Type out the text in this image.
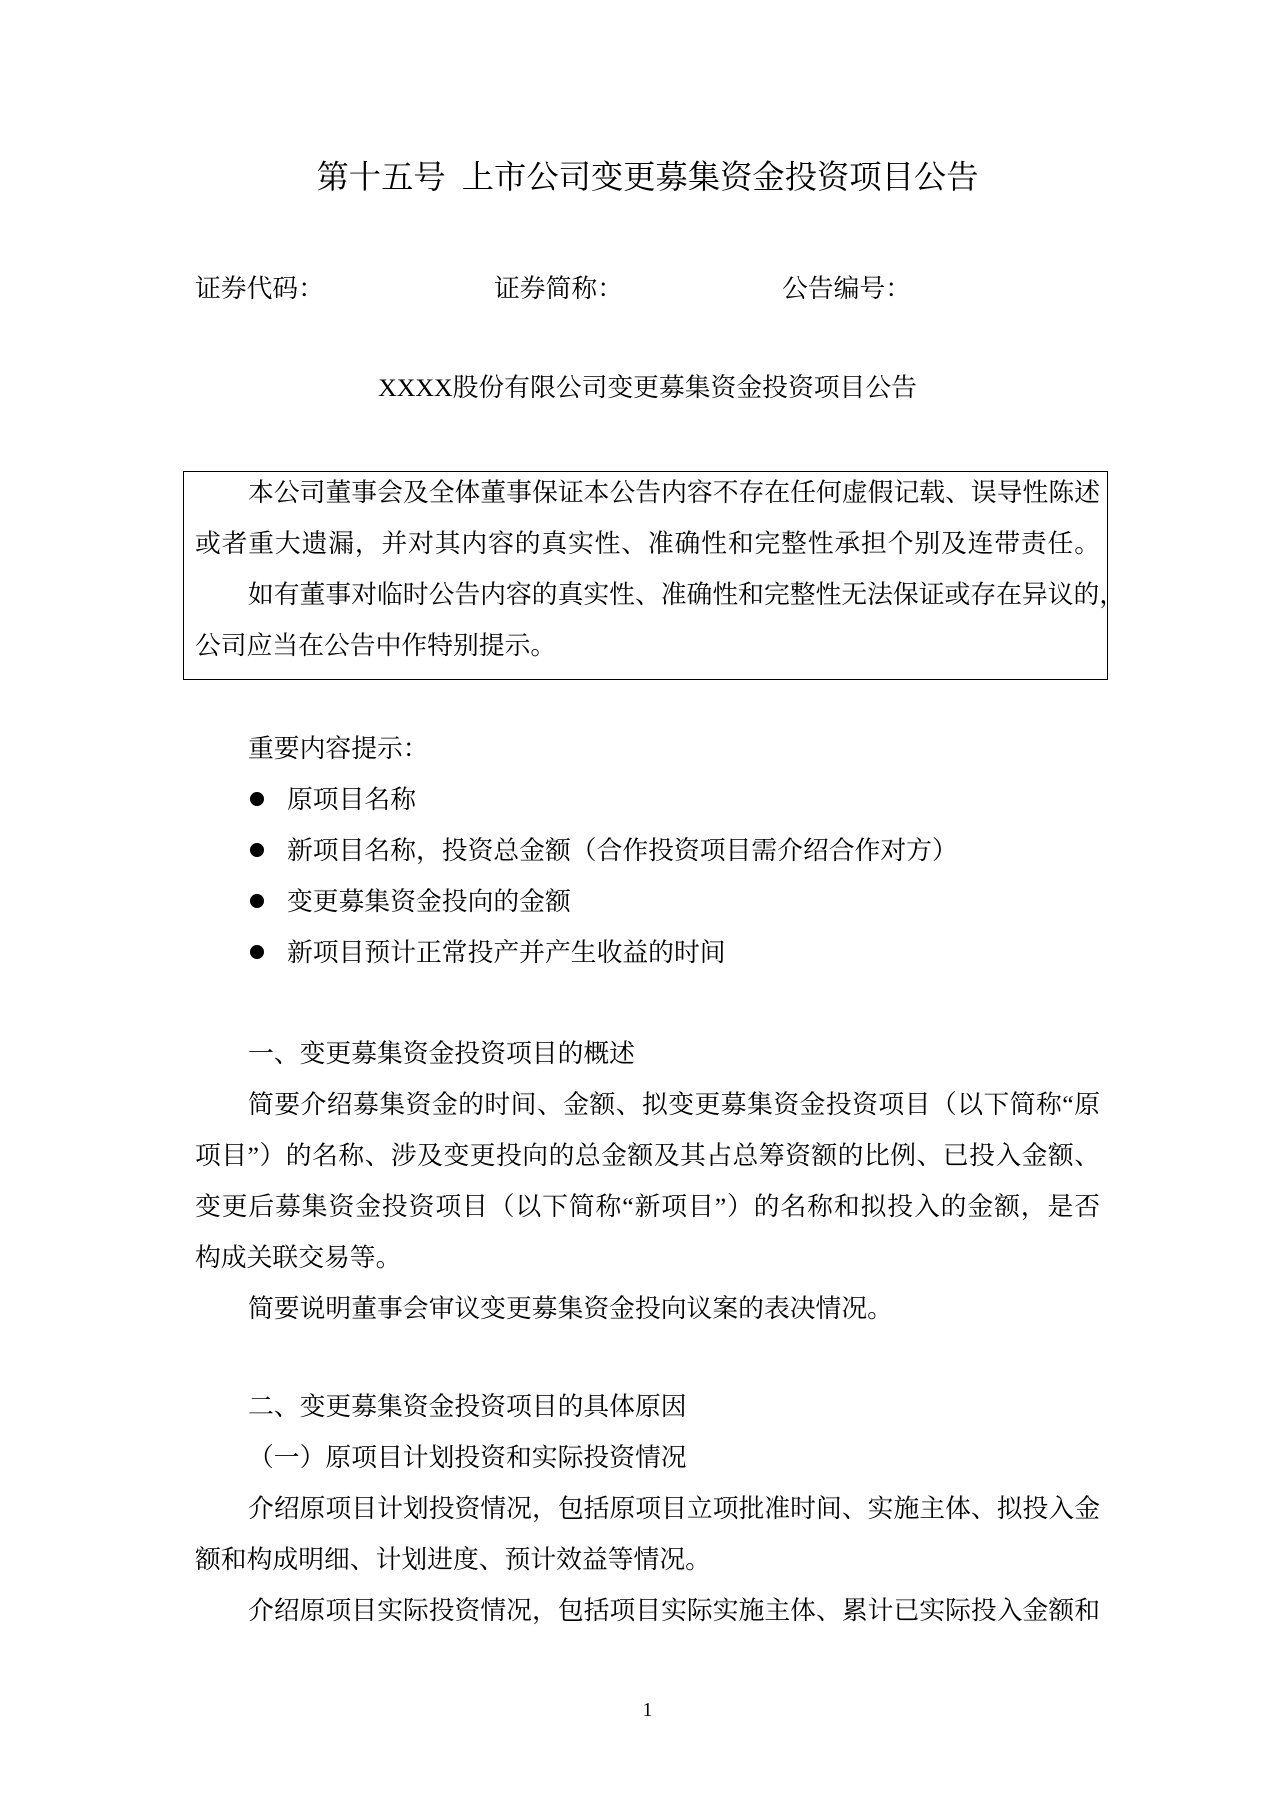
第十五号 上市公司变更募集资金投资项目公告
证券代码：	证券简称：	公告编号：
XXXX股份有限公司变更募集资金投资项目公告
本公司董事会及全体董事保证本公告内容不存在任何虚假记载、误导性陈述
或者重大遗漏，并对其内容的真实性、准确性和完整性承担个别及连带责任。
如有董事对临时公告内容的真实性、准确性和完整性无法保证或存在异议的，
公司应当在公告中作特别提示。
重要内容提示：
原项目名称
新项目名称，投资总金额（合作投资项目需介绍合作对方）
变更募集资金投向的金额
新项目预计正常投产并产生收益的时间
一、变更募集资金投资项目的概述
简要介绍募集资金的时间、金额、拟变更募集资金投资项目（以下简称“原
项目”）的名称、涉及变更投向的总金额及其占总筹资额的比例、已投入金额、
变更后募集资金投资项目（以下简称“新项目”）的名称和拟投入的金额，是否
构成关联交易等。
简要说明董事会审议变更募集资金投向议案的表决情况。
二、变更募集资金投资项目的具体原因
（一）原项目计划投资和实际投资情况
介绍原项目计划投资情况，包括原项目立项批准时间、实施主体、拟投入金
额和构成明细、计划进度、预计效益等情况。
介绍原项目实际投资情况，包括项目实际实施主体、累计已实际投入金额和
1
